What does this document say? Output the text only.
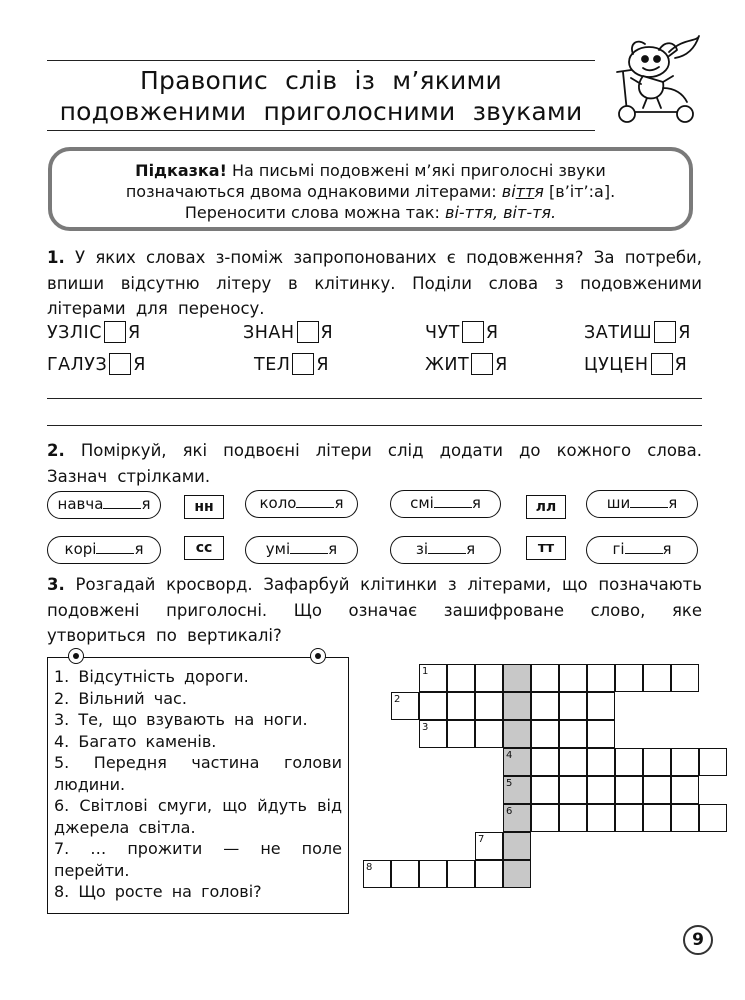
Правопис слів із м’якими
подовженими приголосними звуками
Підказка! На письмі подовжені м’які приголосні звуки
позначаються двома однаковими літерами: віття [в’іт’:а].
Переносити слова можна так: ві-ття, віт-тя.
1. У яких словах з-поміж запропонованих є подовження? За потреби, впиши відсутню літеру в клітинку. Поділи слова з подовженими літерами для переносу.
УЗЛІС Я	ЗНАН Я	ЧУТ Я	ЗАТИШ Я
ГАЛУЗ Я	ТЕЛ Я	ЖИТ Я	ЦУЦЕН Я
2. Поміркуй, які подвоєні літери слід додати до кожного слова. Зазнач стрілками.
навча	я	нн	коло	я	смі	я	лл	ши	я
корі	я	сс	умі	я	зі	я	тт	гі	я
3. Розгадай кросворд. Зафарбуй клітинки з літерами, що позначають подовжені приголосні. Що означає зашифроване слово, яке утвориться по вертикалі?
1. Відсутність дороги.
2. Вільний час.
3. Те, що взувають на ноги.
4. Багато каменів.
5. Передня частина голови людини.
6. Світлові смуги, що йдуть від джерела світла.
7. … прожити — не поле перейти.
8. Що росте на голові?
1
2
3
4
5
6
7
8
9
